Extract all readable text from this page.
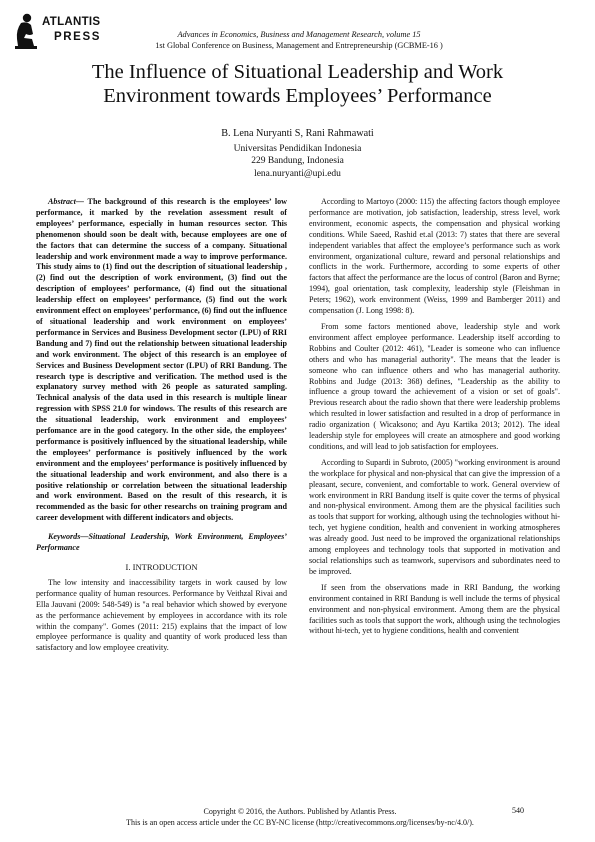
ATLANTIS
PRESS	Advances in Economics, Business and Management Research, volume 15
1st Global Conference on Business, Management and Entrepreneurship (GCBME-16 )
The Influence of Situational Leadership and Work Environment towards Employees’ Performance
B. Lena Nuryanti S, Rani Rahmawati
Universitas Pendidikan Indonesia
229 Bandung, Indonesia
lena.nuryanti@upi.edu

Abstract— The background of this research is the employees’ low performance, it marked by the revelation assessment result of employees’ performance, especially in human resources sector. This phenomenon should soon be dealt with, because employees are one of the factors that can determine the success of a company. Situational leadership and work environment made a way to improve performance. This study aims to (1) find out the description of situational leadership , (2) find out the description of work environment, (3) find out the description of employees’ performance, (4) find out the situational leadership effect on employees’ performance, (5) find out the work environment effect on employees’ performance, (6) find out the influence of situational leadership and work environment on employees’ performance in Services and Business Development sector (LPU) of RRI Bandung and 7) find out the relationship between situational leadership and work environment. The object of this research is an employee of Services and Business Development sector (LPU) of RRI Bandung. The research type is descriptive and verification. The method used is the explanatory survey method with 26 people as saturated sampling. Technical analysis of the data used in this research is multiple linear regression with SPSS 21.0 for windows. The results of this research are the situational leadership, work environment and employees’ perfomance are in the good category. In the other side, the employees’ performance is positively influenced by the situational leadership, while the employees’ performance is positively influenced by the work environment and the employees’ performance is positively influenced by the situational leadership and work environment, and also there is a positive relationship or correlation between the situational leadership and work environment. Based on the result of this research, it is recommended as the basic for other researchs on training program and career development with different indicators and objects.

Keywords—Situational Leadership, Work Environment, Employees’ Performance

I. INTRODUCTION

The low intensity and inaccessibility targets in work caused by low performance quality of human resources. Performance by Veithzal Rivai and Ella Jauvani (2009: 548-549) is "a real behavior which showed by everyone as the performance achievement by employees in accordance with its role within the company". Gomes (2011: 215) explains that the impact of low employee performance is quality and quantity of work produced less than satisfactory and low employee creativity.

According to Martoyo (2000: 115) the affecting factors though employee performance are motivation, job satisfaction, leadership, stress level, work environment, economic aspects, the compensation and physical working conditions. While Saeed, Rashid et.al (2013: 7) states that there are several independent variables that affect the employee’s performance such as work environment, organizational culture, reward and personal relationships and conflicts in the work. Furthermore, according to some experts of other factors that affect the performance are the locus of control (Baron and Byrne; 1994), goal orientation, task complexity, leadership style (Fleishman in Peters; 1962), work environment (Weiss, 1999 and Bamberger 2011) and compensation (J. Long 1998: 8).

From some factors mentioned above, leadership style and work environment affect employee performance. Leadership itself according to Robbins and Coulter (2012: 461), "Leader is someone who can influence others and who has managerial authority". The means that the leader is someone who can influence others and who has managerial authority. Robbins and Judge (2013: 368) defines, "Leadership as the ability to influence a group toward the achievement of a vision or set of goals". Previous research about the radio shown that there were leadership problems which resulted in lower satisfaction and resulted in a drop of performance in radio organization ( Wicaksono; and Ayu Kartika 2013; 2012). The ideal leadership style for employees will create an atmosphere and good working conditions, and will lead to job satisfaction for employees.

According to Supardi in Subroto, (2005) "working environment is around the workplace for physical and non-physical that can give the impression of a pleasant, secure, convenient, and comfortable to work. General overview of work environment in RRI Bandung itself is quite cover the terms of physical and non-physical environment. Among them are the physical facilities such as tools that support for working, although using the technologies without hi-tech, yet hygiene condition, health and convenient in working atmospheres was already good. Just need to be improved the organizational relationships among employees and technology tools that supported in motivation and social relationships such as teamwork, supervisors and subordinates need to be improved.

If seen from the observations made in RRI Bandung, the working environment contained in RRI Bandung is well include the terms of physical environment and non-physical environment. Among them are the physical facilities such as tools that support the work, although using the technologies without hi-tech, yet to hygiene conditions, health and convenient

Copyright © 2016, the Authors. Published by Atlantis Press.
This is an open access article under the CC BY-NC license (http://creativecommons.org/licenses/by-nc/4.0/).
540
